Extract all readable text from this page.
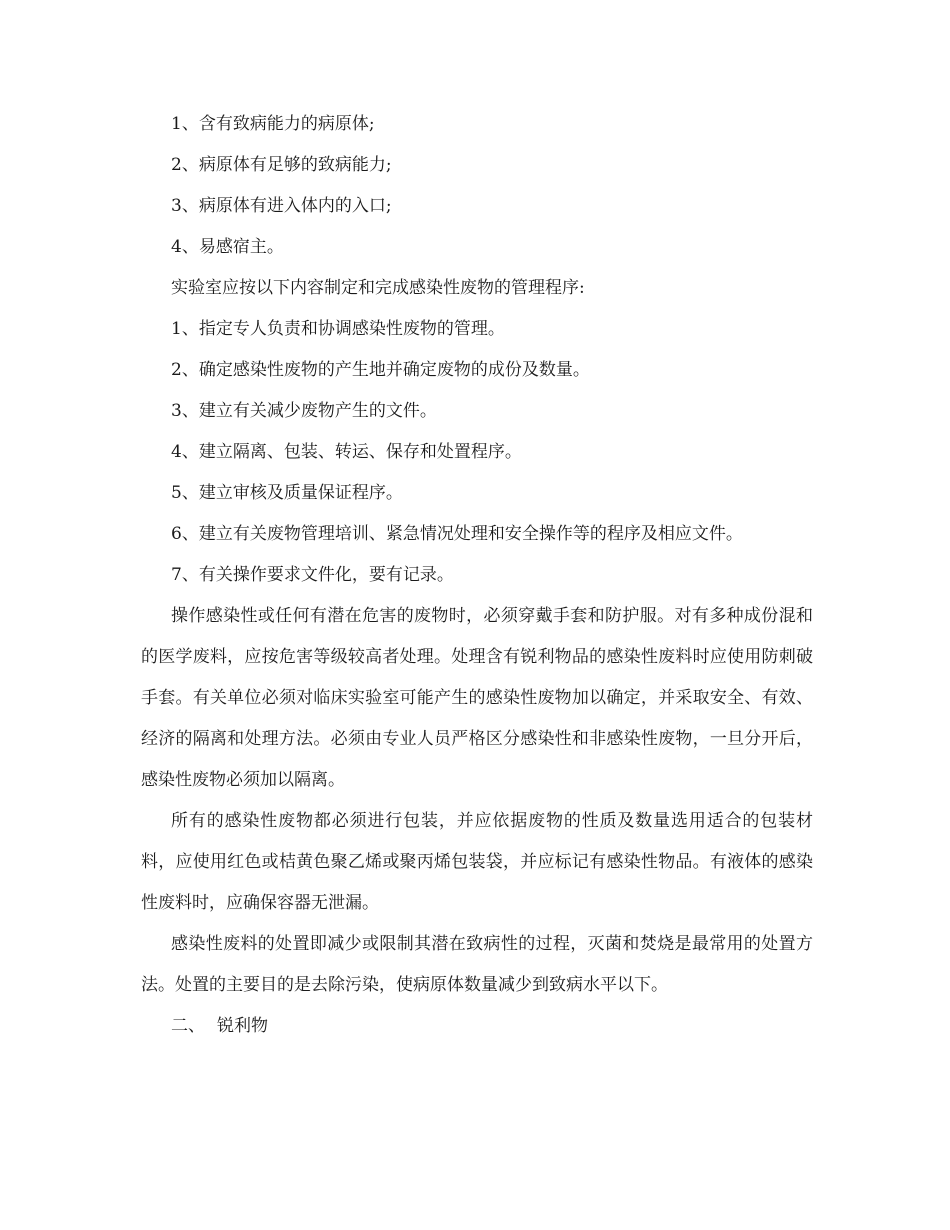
1、含有致病能力的病原体;
2、病原体有足够的致病能力;
3、病原体有进入体内的入口;
4、易感宿主。
实验室应按以下内容制定和完成感染性废物的管理程序:
1、指定专人负责和协调感染性废物的管理。
2、确定感染性废物的产生地并确定废物的成份及数量。
3、建立有关减少废物产生的文件。
4、建立隔离、包装、转运、保存和处置程序。
5、建立审核及质量保证程序。
6、建立有关废物管理培训、紧急情况处理和安全操作等的程序及相应文件。
7、有关操作要求文件化，要有记录。

操作感染性或任何有潜在危害的废物时，必须穿戴手套和防护服。对有多种成份混和的医学废料，应按危害等级较高者处理。处理含有锐利物品的感染性废料时应使用防刺破手套。有关单位必须对临床实验室可能产生的感染性废物加以确定，并采取安全、有效、经济的隔离和处理方法。必须由专业人员严格区分感染性和非感染性废物，一旦分开后，感染性废物必须加以隔离。

所有的感染性废物都必须进行包装，并应依据废物的性质及数量选用适合的包装材料，应使用红色或桔黄色聚乙烯或聚丙烯包装袋，并应标记有感染性物品。有液体的感染性废料时，应确保容器无泄漏。

感染性废料的处置即减少或限制其潜在致病性的过程，灭菌和焚烧是最常用的处置方法。处置的主要目的是去除污染，使病原体数量减少到致病水平以下。

二、 锐利物
